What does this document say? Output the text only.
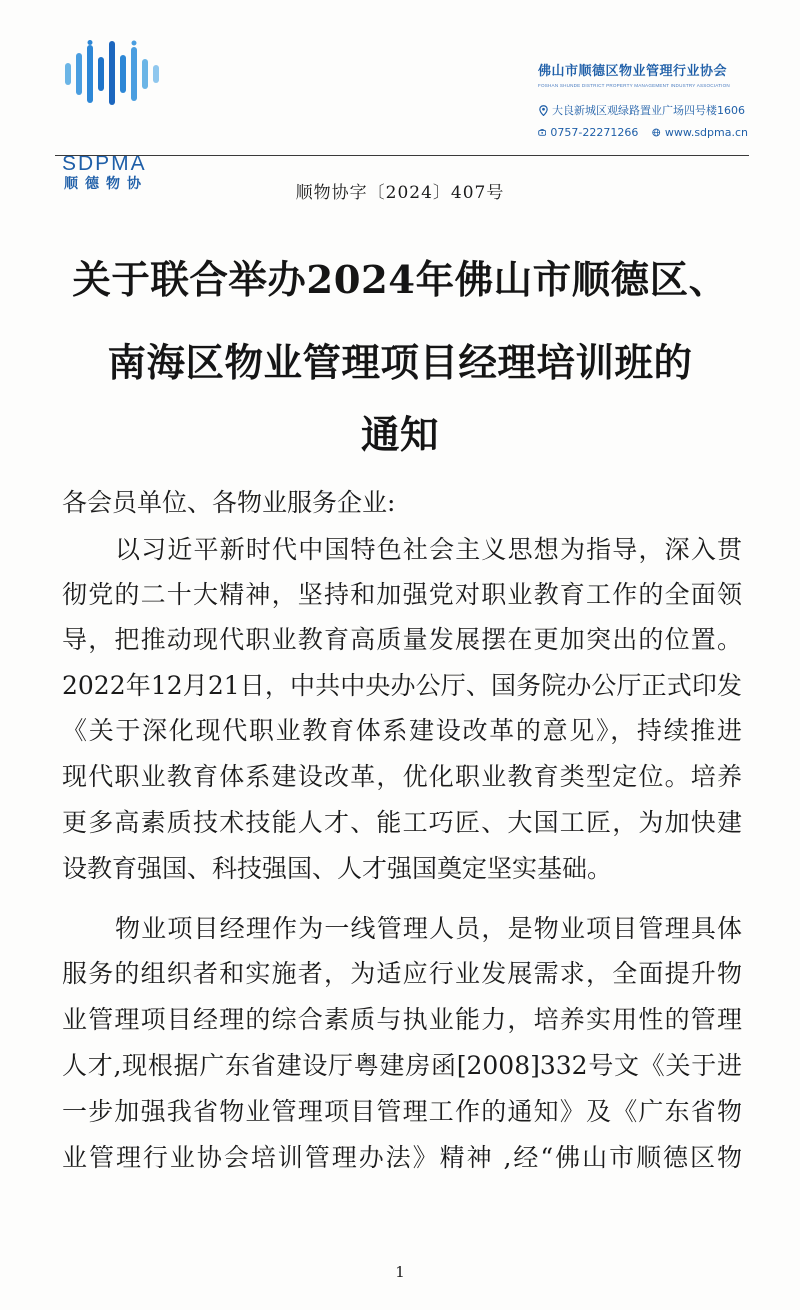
SDPMA
顺德物协
佛山市顺德区物业管理行业协会
FOSHAN SHUNDE DISTRICT PROPERTY MANAGEMENT INDUSTRY ASSOCIATION
大良新城区观绿路置业广场四号楼1606
0757-22271266 www.sdpma.cn
顺物协字〔2024〕407号
关于联合举办2024年佛山市顺德区、
南海区物业管理项目经理培训班的
通知
各会员单位、各物业服务企业:
以习近平新时代中国特色社会主义思想为指导，深入贯
彻党的二十大精神，坚持和加强党对职业教育工作的全面领
导，把推动现代职业教育高质量发展摆在更加突出的位置。
2022年12月21日，中共中央办公厅、国务院办公厅正式印发
《关于深化现代职业教育体系建设改革的意见》，持续推进
现代职业教育体系建设改革，优化职业教育类型定位。培养
更多高素质技术技能人才、能工巧匠、大国工匠，为加快建
设教育强国、科技强国、人才强国奠定坚实基础。
物业项目经理作为一线管理人员，是物业项目管理具体
服务的组织者和实施者，为适应行业发展需求，全面提升物
业管理项目经理的综合素质与执业能力，培养实用性的管理
人才,现根据广东省建设厅粤建房函[2008]332号文《关于进
一步加强我省物业管理项目管理工作的通知》及《广东省物
业管理行业协会培训管理办法》精神 ,经“佛山市顺德区物
1
